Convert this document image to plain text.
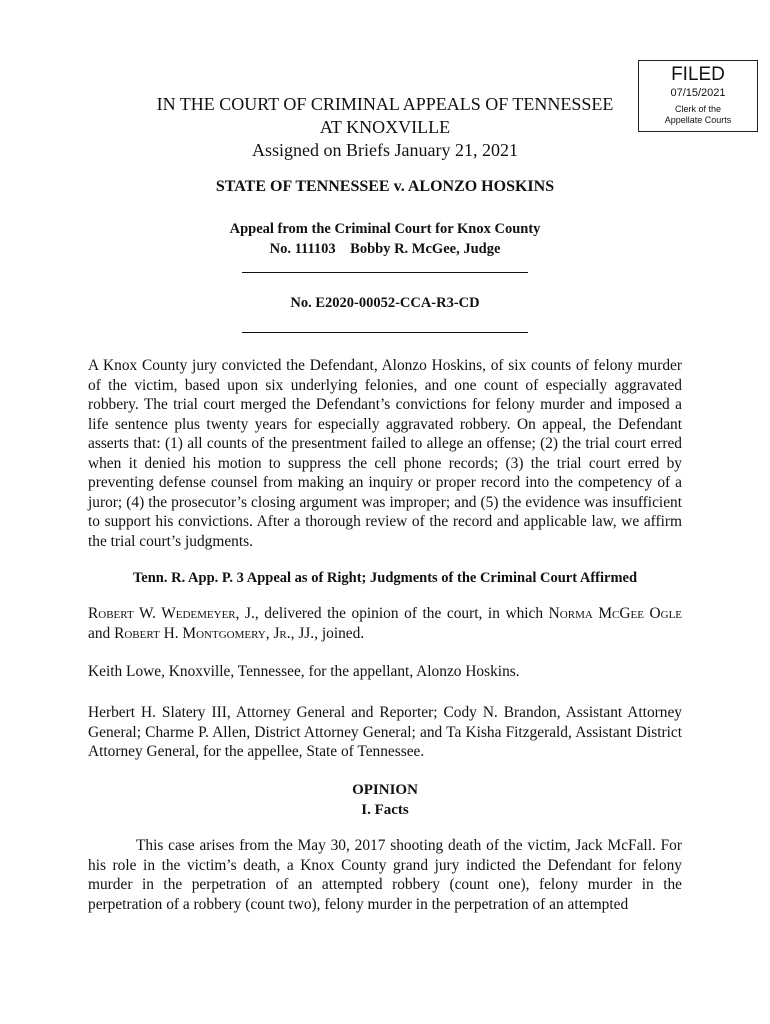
FILED
07/15/2021
Clerk of the
Appellate Courts
IN THE COURT OF CRIMINAL APPEALS OF TENNESSEE
AT KNOXVILLE
Assigned on Briefs January 21, 2021
STATE OF TENNESSEE v. ALONZO HOSKINS
Appeal from the Criminal Court for Knox County
No. 111103    Bobby R. McGee, Judge
No. E2020-00052-CCA-R3-CD
A Knox County jury convicted the Defendant, Alonzo Hoskins, of six counts of felony murder of the victim, based upon six underlying felonies, and one count of especially aggravated robbery. The trial court merged the Defendant’s convictions for felony murder and imposed a life sentence plus twenty years for especially aggravated robbery. On appeal, the Defendant asserts that: (1) all counts of the presentment failed to allege an offense; (2) the trial court erred when it denied his motion to suppress the cell phone records; (3) the trial court erred by preventing defense counsel from making an inquiry or proper record into the competency of a juror; (4) the prosecutor’s closing argument was improper; and (5) the evidence was insufficient to support his convictions. After a thorough review of the record and applicable law, we affirm the trial court’s judgments.
Tenn. R. App. P. 3 Appeal as of Right; Judgments of the Criminal Court Affirmed
Robert W. Wedemeyer, J., delivered the opinion of the court, in which Norma McGee Ogle and Robert H. Montgomery, Jr., JJ., joined.
Keith Lowe, Knoxville, Tennessee, for the appellant, Alonzo Hoskins.
Herbert H. Slatery III, Attorney General and Reporter; Cody N. Brandon, Assistant Attorney General; Charme P. Allen, District Attorney General; and Ta Kisha Fitzgerald, Assistant District Attorney General, for the appellee, State of Tennessee.
OPINION
I. Facts
This case arises from the May 30, 2017 shooting death of the victim, Jack McFall. For his role in the victim’s death, a Knox County grand jury indicted the Defendant for felony murder in the perpetration of an attempted robbery (count one), felony murder in the perpetration of a robbery (count two), felony murder in the perpetration of an attempted
